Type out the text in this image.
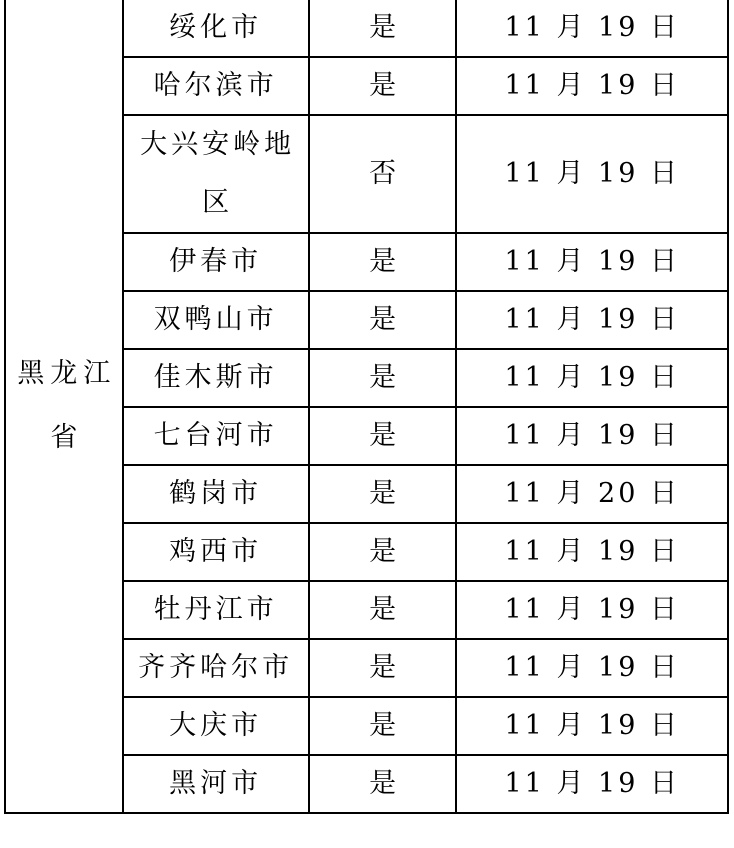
黑龙江省	绥化市	是	11 月 19 日
	哈尔滨市	是	11 月 19 日
	大兴安岭地区	否	11 月 19 日
	伊春市	是	11 月 19 日
	双鸭山市	是	11 月 19 日
	佳木斯市	是	11 月 19 日
	七台河市	是	11 月 19 日
	鹤岗市	是	11 月 20 日
	鸡西市	是	11 月 19 日
	牡丹江市	是	11 月 19 日
	齐齐哈尔市	是	11 月 19 日
	大庆市	是	11 月 19 日
	黑河市	是	11 月 19 日
